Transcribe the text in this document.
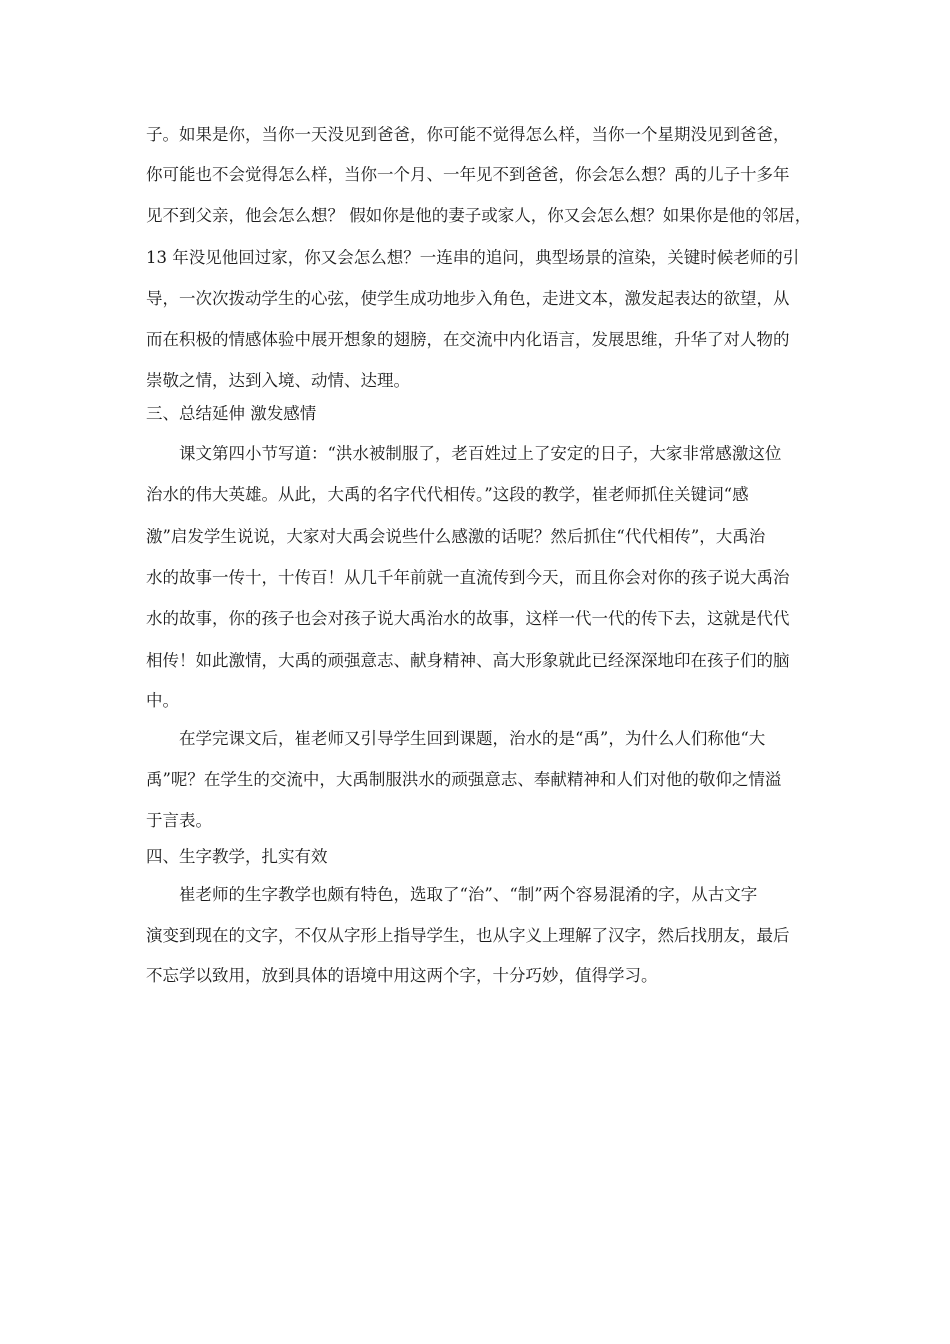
子。如果是你，当你一天没见到爸爸，你可能不觉得怎么样，当你一个星期没见到爸爸，
你可能也不会觉得怎么样，当你一个月、一年见不到爸爸，你会怎么想？禹的儿子十多年
见不到父亲，他会怎么想？ 假如你是他的妻子或家人，你又会怎么想？如果你是他的邻居，
13 年没见他回过家，你又会怎么想？一连串的追问，典型场景的渲染，关键时候老师的引
导，一次次拨动学生的心弦，使学生成功地步入角色，走进文本，激发起表达的欲望，从
而在积极的情感体验中展开想象的翅膀，在交流中内化语言，发展思维，升华了对人物的
崇敬之情，达到入境、动情、达理。
三、总结延伸 激发感情
　　课文第四小节写道：“洪水被制服了，老百姓过上了安定的日子，大家非常感激这位
治水的伟大英雄。从此，大禹的名字代代相传。”这段的教学，崔老师抓住关键词“感
激”启发学生说说，大家对大禹会说些什么感激的话呢？然后抓住“代代相传”，大禹治
水的故事一传十，十传百！从几千年前就一直流传到今天，而且你会对你的孩子说大禹治
水的故事，你的孩子也会对孩子说大禹治水的故事，这样一代一代的传下去，这就是代代
相传！如此激情，大禹的顽强意志、献身精神、高大形象就此已经深深地印在孩子们的脑
中。
　　在学完课文后，崔老师又引导学生回到课题，治水的是“禹”，为什么人们称他“大
禹”呢？在学生的交流中，大禹制服洪水的顽强意志、奉献精神和人们对他的敬仰之情溢
于言表。
四、生字教学，扎实有效
　　崔老师的生字教学也颇有特色，选取了“治”、“制”两个容易混淆的字，从古文字
演变到现在的文字，不仅从字形上指导学生，也从字义上理解了汉字，然后找朋友，最后
不忘学以致用，放到具体的语境中用这两个字，十分巧妙，值得学习。
